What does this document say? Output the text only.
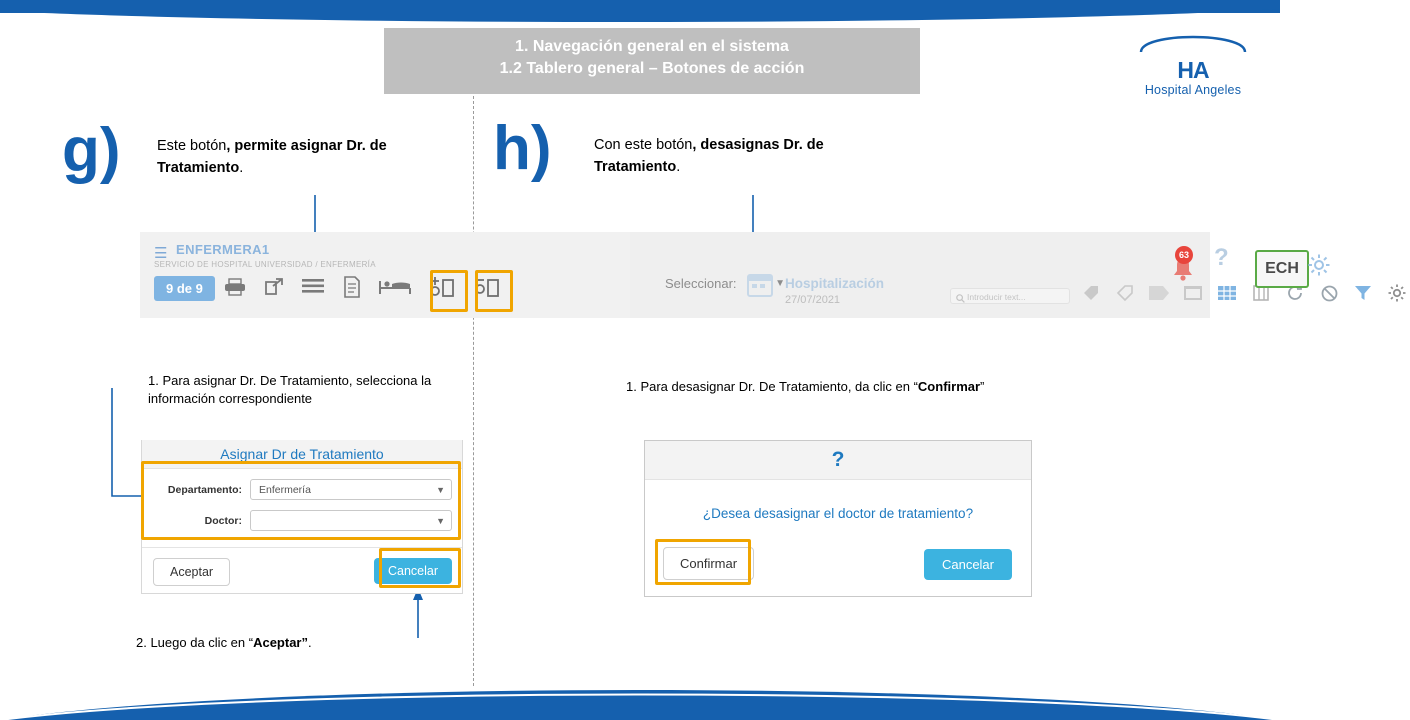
1. Navegación general en el sistema
1.2 Tablero general – Botones de acción	HA
Hospital Angeles
g)	Este botón, permite asignar Dr. de Tratamiento.	h)	Con este botón, desasignas Dr. de Tratamiento.
☰ ENFERMERA1
SERVICIO DE HOSPITAL UNIVERSIDAD / ENFERMERÍA
9 de 9	Seleccionar:	▼ Hospitalización
27/07/2021	Introducir text...
63 ?	ECH
1. Para asignar Dr. De Tratamiento, selecciona la información correspondiente
1. Para desasignar Dr. De Tratamiento, da clic en “Confirmar”
2. Luego da clic en “Aceptar”.
Asignar Dr de Tratamiento
Departamento:	Enfermería	▼
Doctor:	▼
Aceptar	Cancelar
?
¿Desea desasignar el doctor de tratamiento?
Confirmar	Cancelar
